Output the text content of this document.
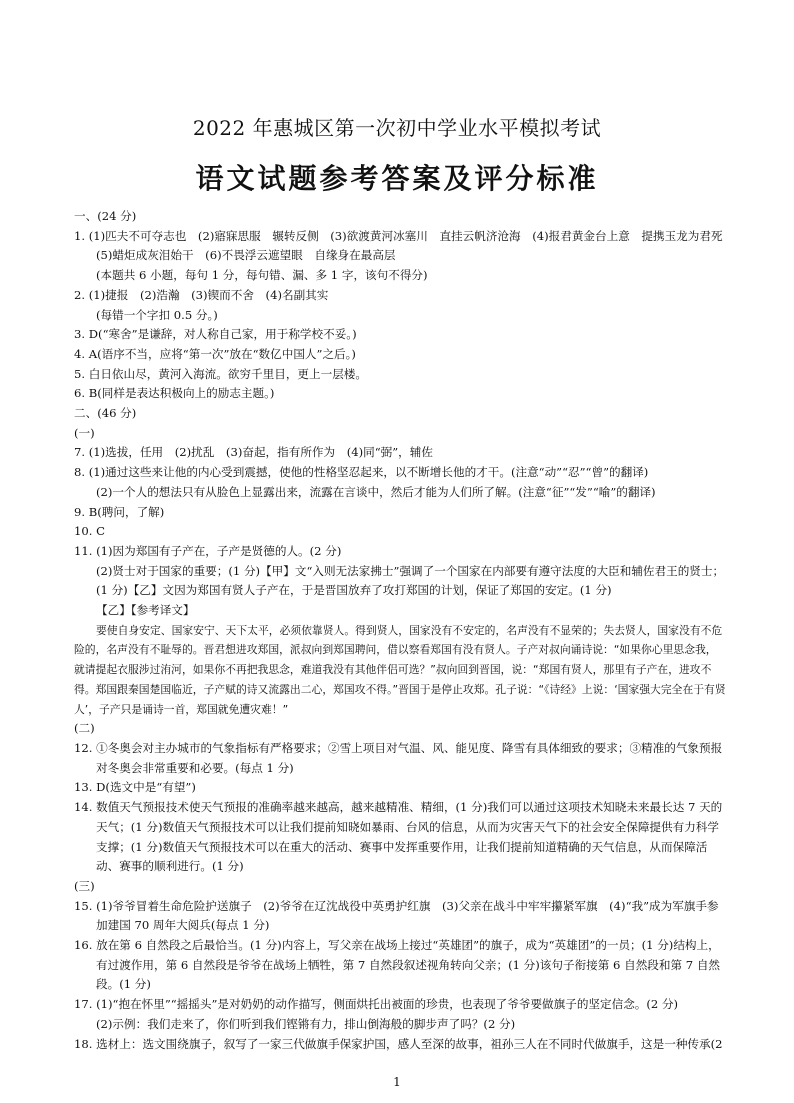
2022 年惠城区第一次初中学业水平模拟考试
语文试题参考答案及评分标准

一、(24 分)

1. (1)匹夫不可夺志也　(2)寤寐思服　辗转反侧　(3)欲渡黄河冰塞川　直挂云帆济沧海　(4)报君黄金台上意　提携玉龙为君死　(5)蜡炬成灰泪始干　(6)不畏浮云遮望眼　自缘身在最高层

(本题共 6 小题，每句 1 分，每句错、漏、多 1 字，该句不得分)

2. (1)捷报　(2)浩瀚　(3)锲而不舍　(4)名副其实

(每错一个字扣 0.5 分。)

3. D(“寒舍”是谦辞，对人称自己家，用于称学校不妥。)

4. A(语序不当，应将“第一次”放在“数亿中国人”之后。)

5. 白日依山尽，黄河入海流。欲穷千里目，更上一层楼。

6. B(同样是表达积极向上的励志主题。)

二、(46 分)

(一)

7. (1)选拔，任用　(2)扰乱　(3)奋起，指有所作为　(4)同“弼”，辅佐

8. (1)通过这些来让他的内心受到震撼，使他的性格坚忍起来，以不断增长他的才干。(注意“动”“忍”“曾”的翻译)

(2)一个人的想法只有从脸色上显露出来，流露在言谈中，然后才能为人们所了解。(注意“征”“发”“喻”的翻译)

9. B(聘问，了解)

10. C

11. (1)因为郑国有子产在，子产是贤德的人。(2 分)

(2)贤士对于国家的重要；(1 分)【甲】文“入则无法家拂士”强调了一个国家在内部要有遵守法度的大臣和辅佐君王的贤士；(1 分)【乙】文因为郑国有贤人子产在，于是晋国放弃了攻打郑国的计划，保证了郑国的安定。(1 分)

【乙】【参考译文】

要使自身安定、国家安宁、天下太平，必须依靠贤人。得到贤人，国家没有不安定的，名声没有不显荣的；失去贤人，国家没有不危险的，名声没有不耻辱的。晋君想进攻郑国，派叔向到郑国聘问，借以察看郑国有没有贤人。子产对叔向诵诗说：“如果你心里思念我，就请提起衣服涉过洧河，如果你不再把我思念，难道我没有其他伴侣可选？”叔向回到晋国，说：“郑国有贤人，那里有子产在，进攻不得。郑国跟秦国楚国临近，子产赋的诗又流露出二心，郑国攻不得。”晋国于是停止攻郑。孔子说：“《诗经》上说：‘国家强大完全在于有贤人’，子产只是诵诗一首，郑国就免遭灾难！”

(二)

12. ①冬奥会对主办城市的气象指标有严格要求；②雪上项目对气温、风、能见度、降雪有具体细致的要求；③精准的气象预报对冬奥会非常重要和必要。(每点 1 分)

13. D(选文中是“有望”)

14. 数值天气预报技术使天气预报的准确率越来越高，越来越精准、精细，(1 分)我们可以通过这项技术知晓未来最长达 7 天的天气；(1 分)数值天气预报技术可以让我们提前知晓如暴雨、台风的信息，从而为灾害天气下的社会安全保障提供有力科学支撑；(1 分)数值天气预报技术可以在重大的活动、赛事中发挥重要作用，让我们提前知道精确的天气信息，从而保障活动、赛事的顺利进行。(1 分)

(三)

15. (1)爷爷冒着生命危险护送旗子　(2)爷爷在辽沈战役中英勇护红旗　(3)父亲在战斗中牢牢攥紧军旗　(4)“我”成为军旗手参加建国 70 周年大阅兵(每点 1 分)

16. 放在第 6 自然段之后最恰当。(1 分)内容上，写父亲在战场上接过“英雄团”的旗子，成为“英雄团”的一员；(1 分)结构上，有过渡作用，第 6 自然段是爷爷在战场上牺牲，第 7 自然段叙述视角转向父亲；(1 分)该句子衔接第 6 自然段和第 7 自然段。(1 分)

17. (1)“抱在怀里”“摇摇头”是对奶奶的动作描写，侧面烘托出被面的珍贵，也表现了爷爷要做旗子的坚定信念。(2 分)

(2)示例：我们走来了，你们听到我们铿锵有力，排山倒海般的脚步声了吗？(2 分)

18. 选材上：选文围绕旗子，叙写了一家三代做旗手保家护国，感人至深的故事，祖孙三人在不同时代做旗手，这是一种传承(2

1
